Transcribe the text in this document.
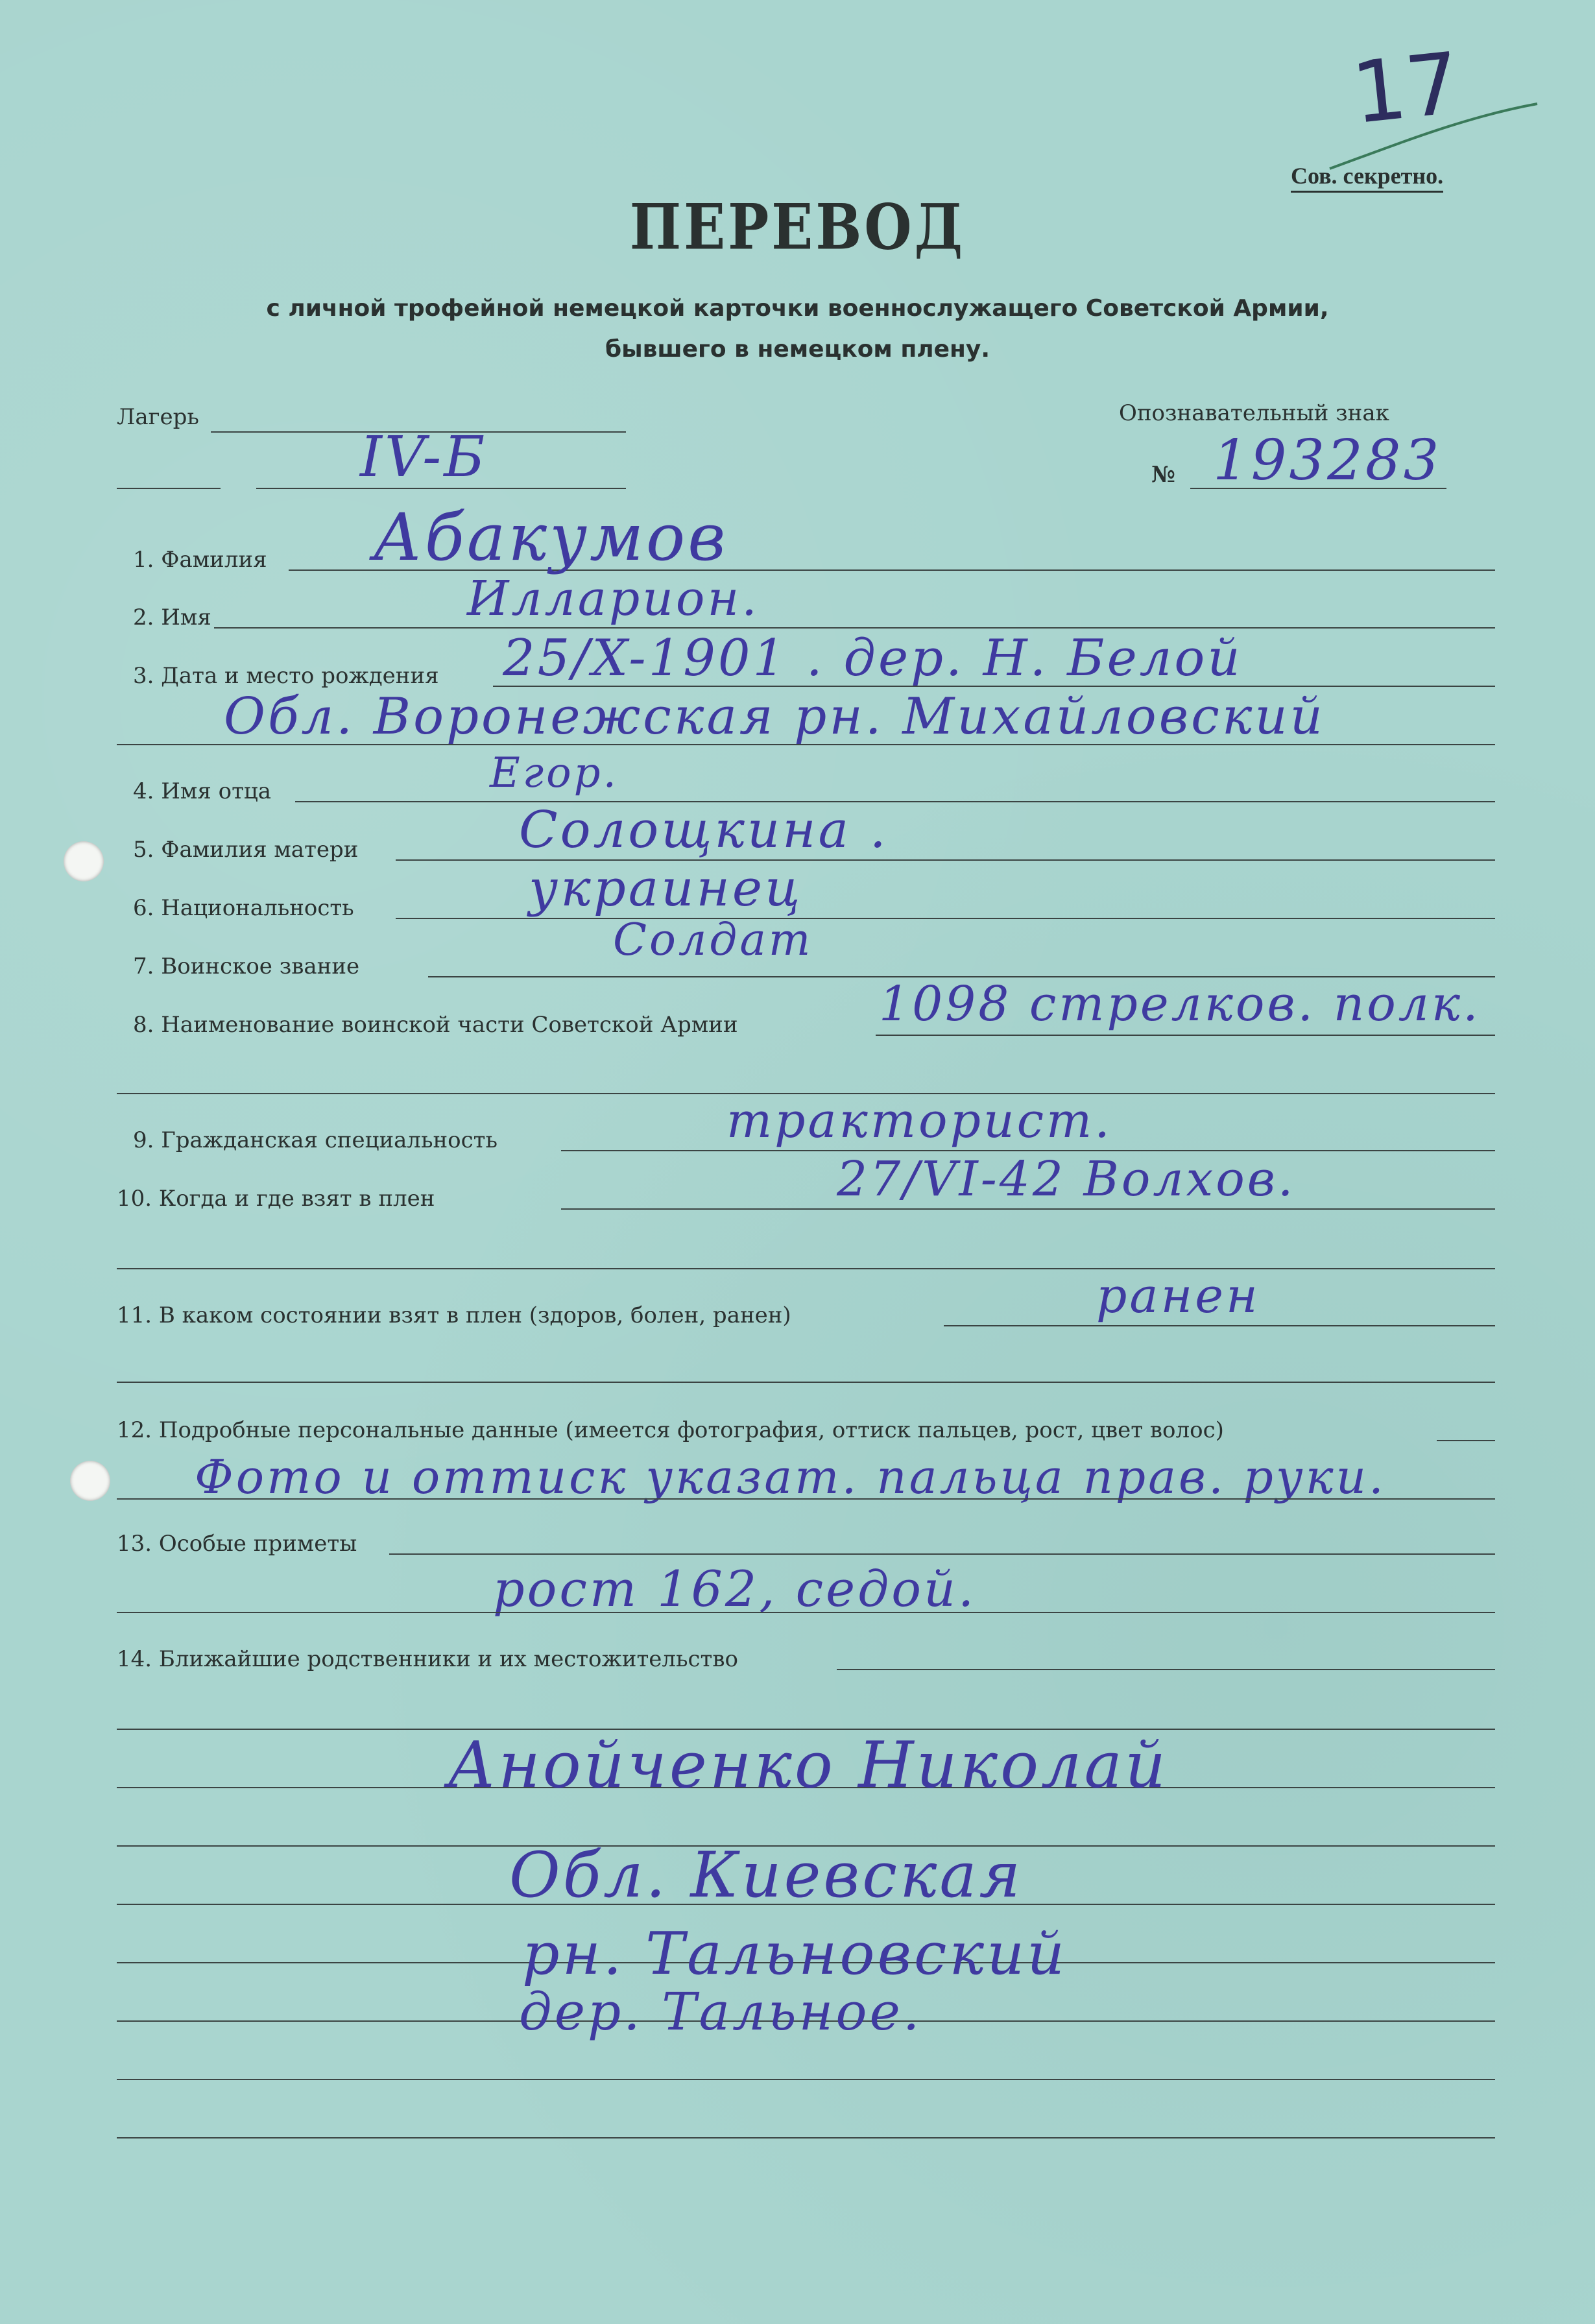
17
Сов. секретно.
ПЕРЕВОД
с личной трофейной немецкой карточки военнослужащего Советской Армии,
бывшего в немецком плену.
Лагерь
IV-Б
Опознавательный знак
№ 193283
1. Фамилия Абакумов
2. Имя	Илларион.
3. Дата и место рождения 25/X-1901 . дер. Н. Белой
Обл. Воронежская рн. Михайловский
4. Имя отца	Егор.
5. Фамилия матери	Солощкина .
6. Национальность	украинец
7. Воинское звание
Солдат
8. Наименование воинской части Советской Армии	1098 стрелков. полк.
9. Гражданская специальность	тракторист.
10. Когда и где взят в плен	27/VI-42 Волхов.
11. В каком состоянии взят в плен (здоров, болен, ранен)	ранен
12. Подробные персональные данные (имеется фотография, оттиск пальцев, рост, цвет волос)
Фото и оттиск указат. пальца прав. руки.
13. Особые приметы
рост 162, седой.
14. Ближайшие родственники и их местожительство
Анойченко Николай
Обл. Киевская
рн. Тальновский
дер. Тальное.
